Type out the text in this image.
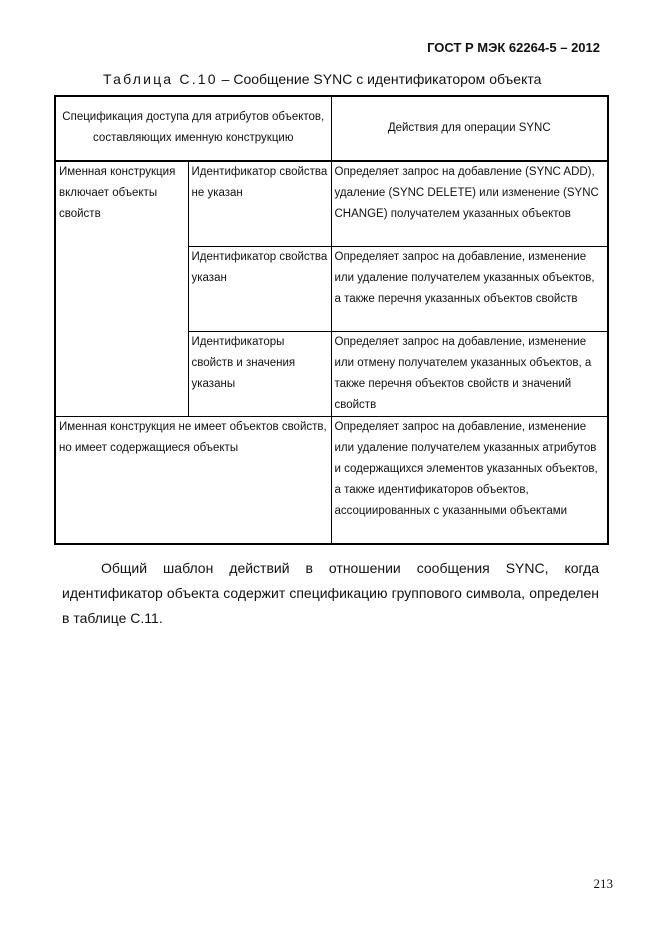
ГОСТ Р МЭК 62264-5 – 2012
Таблица С.10 – Сообщение SYNC с идентификатором объекта
Спецификация доступа для атрибутов объектов, составляющих именную конструкцию		Действия для операции SYNC
Именная конструкция включает объекты свойств	Идентификатор свойства не указан	Определяет запрос на добавление (SYNC ADD), удаление (SYNC DELETE) или изменение (SYNC CHANGE) получателем указанных объектов
	Идентификатор свойства указан	Определяет запрос на добавление, изменение или удаление получателем указанных объектов, а также перечня указанных объектов свойств
	Идентификаторы свойств и значения указаны	Определяет запрос на добавление, изменение или отмену получателем указанных объектов, а также перечня объектов свойств и значений свойств
Именная конструкция не имеет объектов свойств, но имеет содержащиеся объекты		Определяет запрос на добавление, изменение или удаление получателем указанных атрибутов и содержащихся элементов указанных объектов, а также идентификаторов объектов, ассоциированных с указанными объектами
Общий шаблон действий в отношении сообщения SYNC, когда идентификатор объекта содержит спецификацию группового символа, определен в таблице С.11.
213
